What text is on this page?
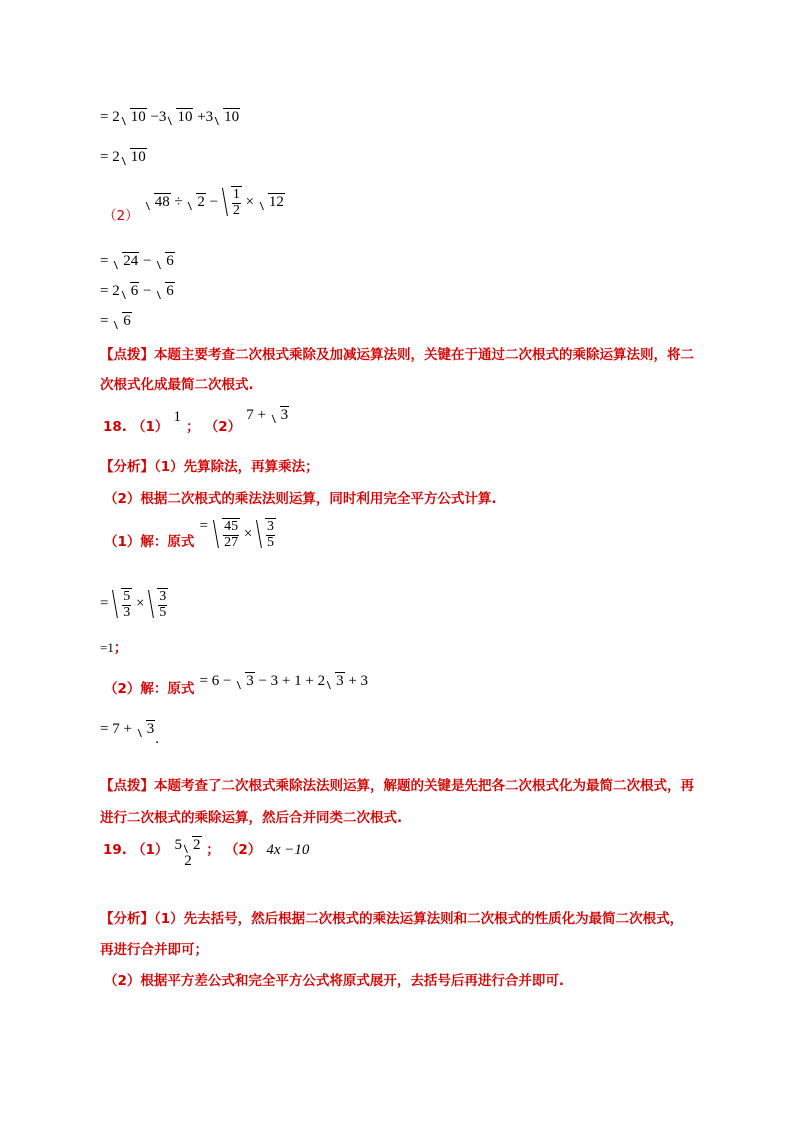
= 2 10 −3 10 +3 10
= 2 10
$_{(2)}$ $48 \div 2 - \frac{1}{2} \times 12$
= 24 − 6
= 2 6 − 6
= 6
【点拨】本题主要考查二次根式乘除及加减运算法则，关键在于通过二次根式的乘除运算法则，将二
次根式化成最简二次根式.
$_{18.}$ $_{(1)}$ 1 $_;$ $_{(2)}$ 7 + 3
【分析】（1）先算除法，再算乘法；
（2）根据二次根式的乘法法则运算，同时利用完全平方公式计算.
$_{(1)解:原式} = \frac{45}{27} \times \frac{3}{5}$
= $\frac{5}{3} \times \frac{3}{5}$
=1；
$_{(2)解:原式}$ = 6 − 3 − 3 + 1 + 2 3 + 3
= 7 + 3.
【点拨】本题考查了二次根式乘除法法则运算，解题的关键是先把各二次根式化为最简二次根式，再
进行二次根式的乘除运算，然后合并同类二次根式.
19. （1） 5 2
2
； （2） 4x −10
【分析】（1）先去括号，然后根据二次根式的乘法运算法则和二次根式的性质化为最简二次根式，
再进行合并即可；
（2）根据平方差公式和完全平方公式将原式展开，去括号后再进行合并即可.
